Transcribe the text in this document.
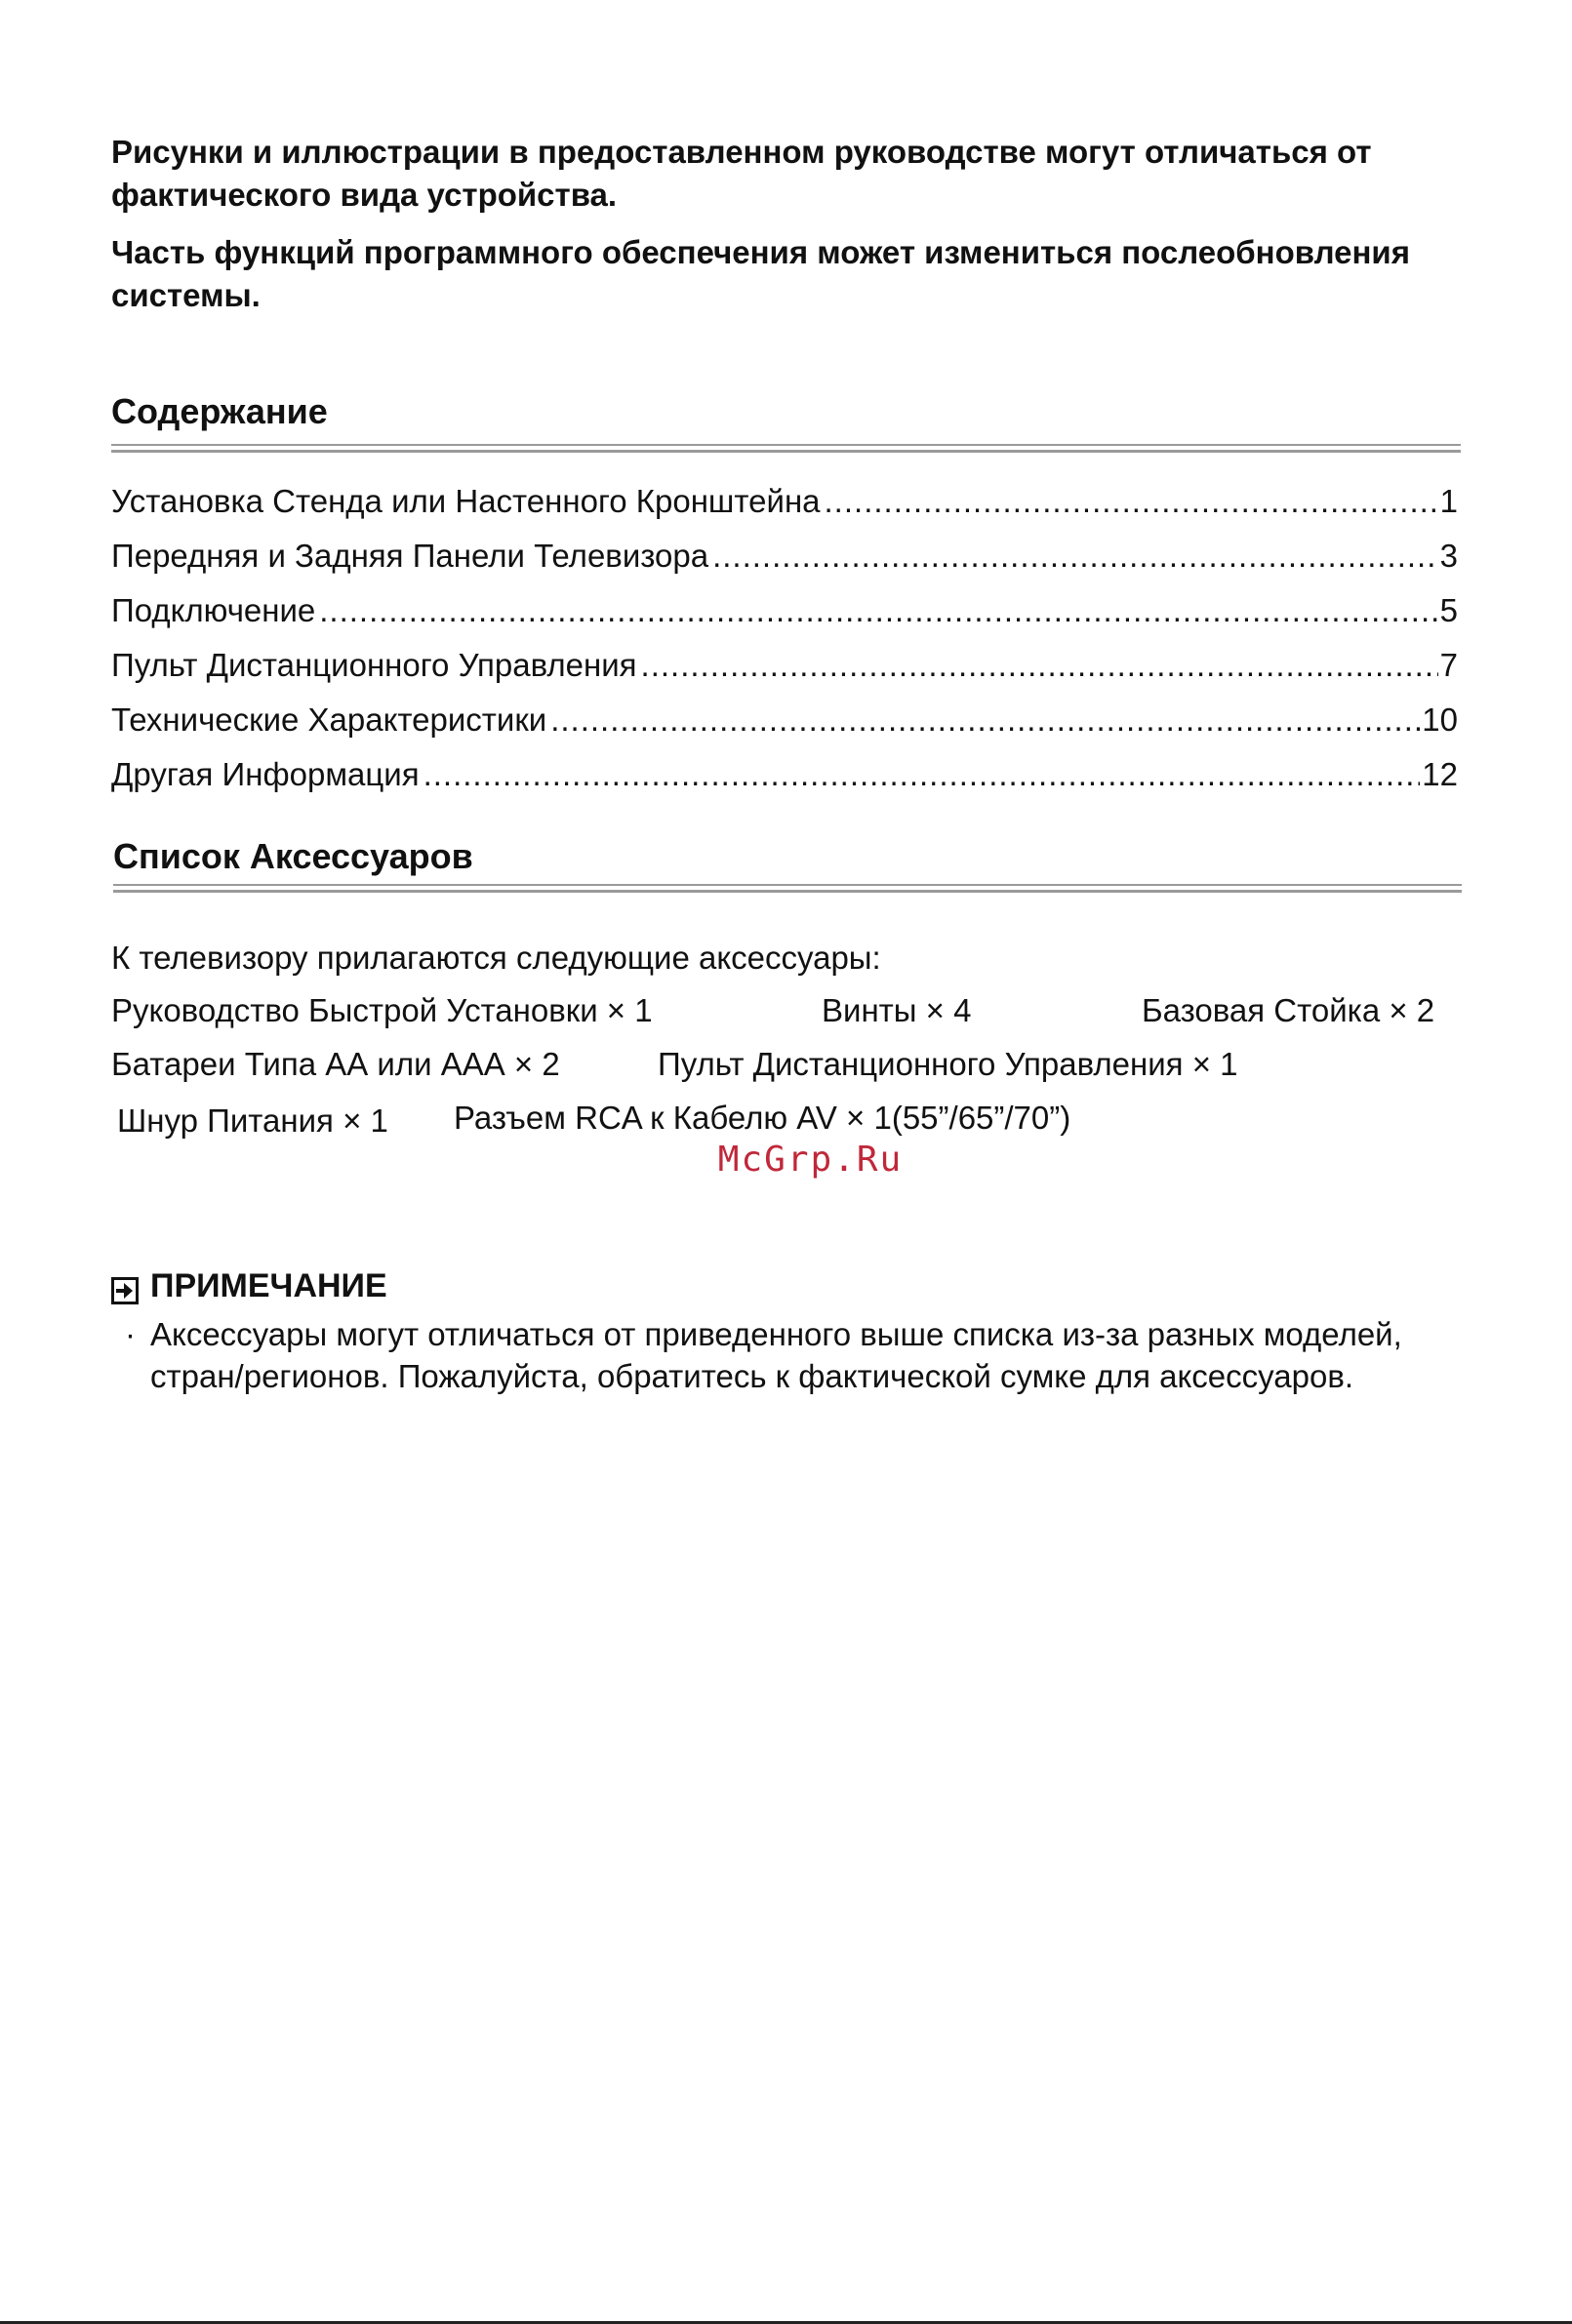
Рисунки и иллюстрации в предоставленном руководстве могут отличаться от фактического вида устройства.

Часть функций программного обеспечения может измениться послеобновления системы.

Содержание
Установка Стенда или Настенного Кронштейна .....	1
Передняя и Задняя Панели Телевизора .....	3
Подключение .....	5
Пульт Дистанционного Управления .....	7
Технические Характеристики .....	10
Другая Информация .....	12
Список Аксессуаров

К телевизору прилагаются следующие аксессуары:

Руководство Быстрой Установки × 1	Винты × 4	Базовая Стойка × 2
Батареи Типа АА или ААА × 2	Пульт Дистанционного Управления × 1
Шнур Питания × 1 Разъем RCA к Кабелю AV × 1(55”/65”/70”)
McGrp.Ru
ПРИМЕЧАНИЕ
· Аксессуары могут отличаться от приведенного выше списка из-за разных моделей, стран/регионов. Пожалуйста, обратитесь к фактической сумке для аксессуаров.
